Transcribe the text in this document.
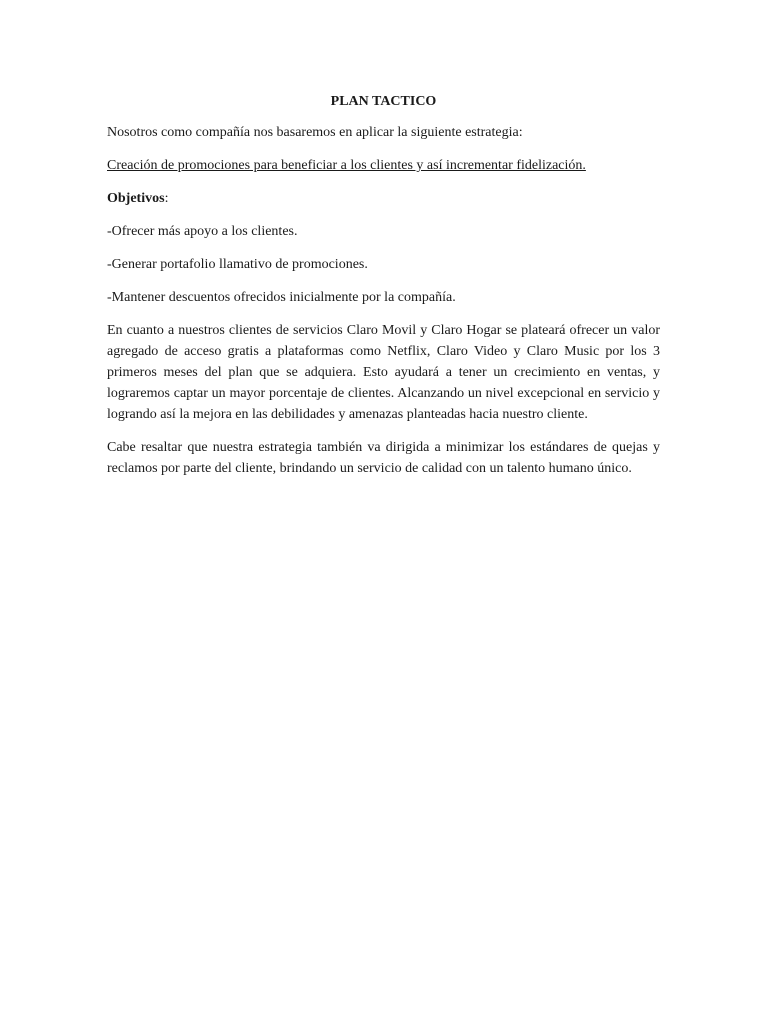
PLAN TACTICO

Nosotros como compañía nos basaremos en aplicar la siguiente estrategia:

Creación de promociones para beneficiar a los clientes y así incrementar fidelización.

Objetivos:

-Ofrecer más apoyo a los clientes.

-Generar portafolio llamativo de promociones.

-Mantener descuentos ofrecidos inicialmente por la compañía.

En cuanto a nuestros clientes de servicios Claro Movil y Claro Hogar se plateará ofrecer un valor agregado de acceso gratis a plataformas como Netflix, Claro Video y Claro Music por los 3 primeros meses del plan que se adquiera. Esto ayudará a tener un crecimiento en ventas, y lograremos captar un mayor porcentaje de clientes. Alcanzando un nivel excepcional en servicio y logrando así la mejora en las debilidades y amenazas planteadas hacia nuestro cliente.

Cabe resaltar que nuestra estrategia también va dirigida a minimizar los estándares de quejas y reclamos por parte del cliente, brindando un servicio de calidad con un talento humano único.
